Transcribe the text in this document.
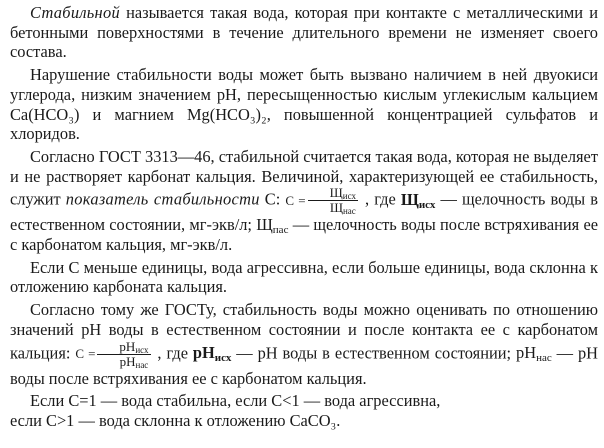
Стабильной называется такая вода, которая при контакте с металлическими и бетонными поверхностями в течение длительного времени не изменяет своего состава.

Нарушение стабильности воды может быть вызвано наличием в ней двуокиси углерода, низким значением pH, пересыщенностью кислым углекислым кальцием Ca(HCO₃) и магнием Mg(HCO₃)₂, повышенной концентрацией сульфатов и хлоридов.

Согласно ГОСТ 3313—46, стабильной считается такая вода, которая не выделяет и не растворяет карбонат кальция. Величиной, характеризующей ее стабильность, служит показатель стабильности С: $С = \frac{Щ_{исх}}{Щ_{нас}}$ , где $Щ_{исх}$ — щелочность воды в естественном состоянии, мг-экв/л; $Щ_{пас}$ — щелочность воды после встряхивания ее с карбонатом кальция, мг-экв/л.

Если С меньше единицы, вода агрессивна, если больше единицы, вода склонна к отложению карбоната кальция.

Согласно тому же ГОСТу, стабильность воды можно оценивать по отношению значений pH воды в естественном состоянии и после контакта ее с карбонатом кальция: $С = \frac{pH_{исх}}{pH_{нас}}$ , где $pH_{исх}$ — pH воды в естественном состоянии; $pH_{нас}$ — pH воды после встряхивания ее с карбонатом кальция.

Если С=1 — вода стабильна, если С<1 — вода агрессивна,
если С>1 — вода склонна к отложению CaCO₃.
